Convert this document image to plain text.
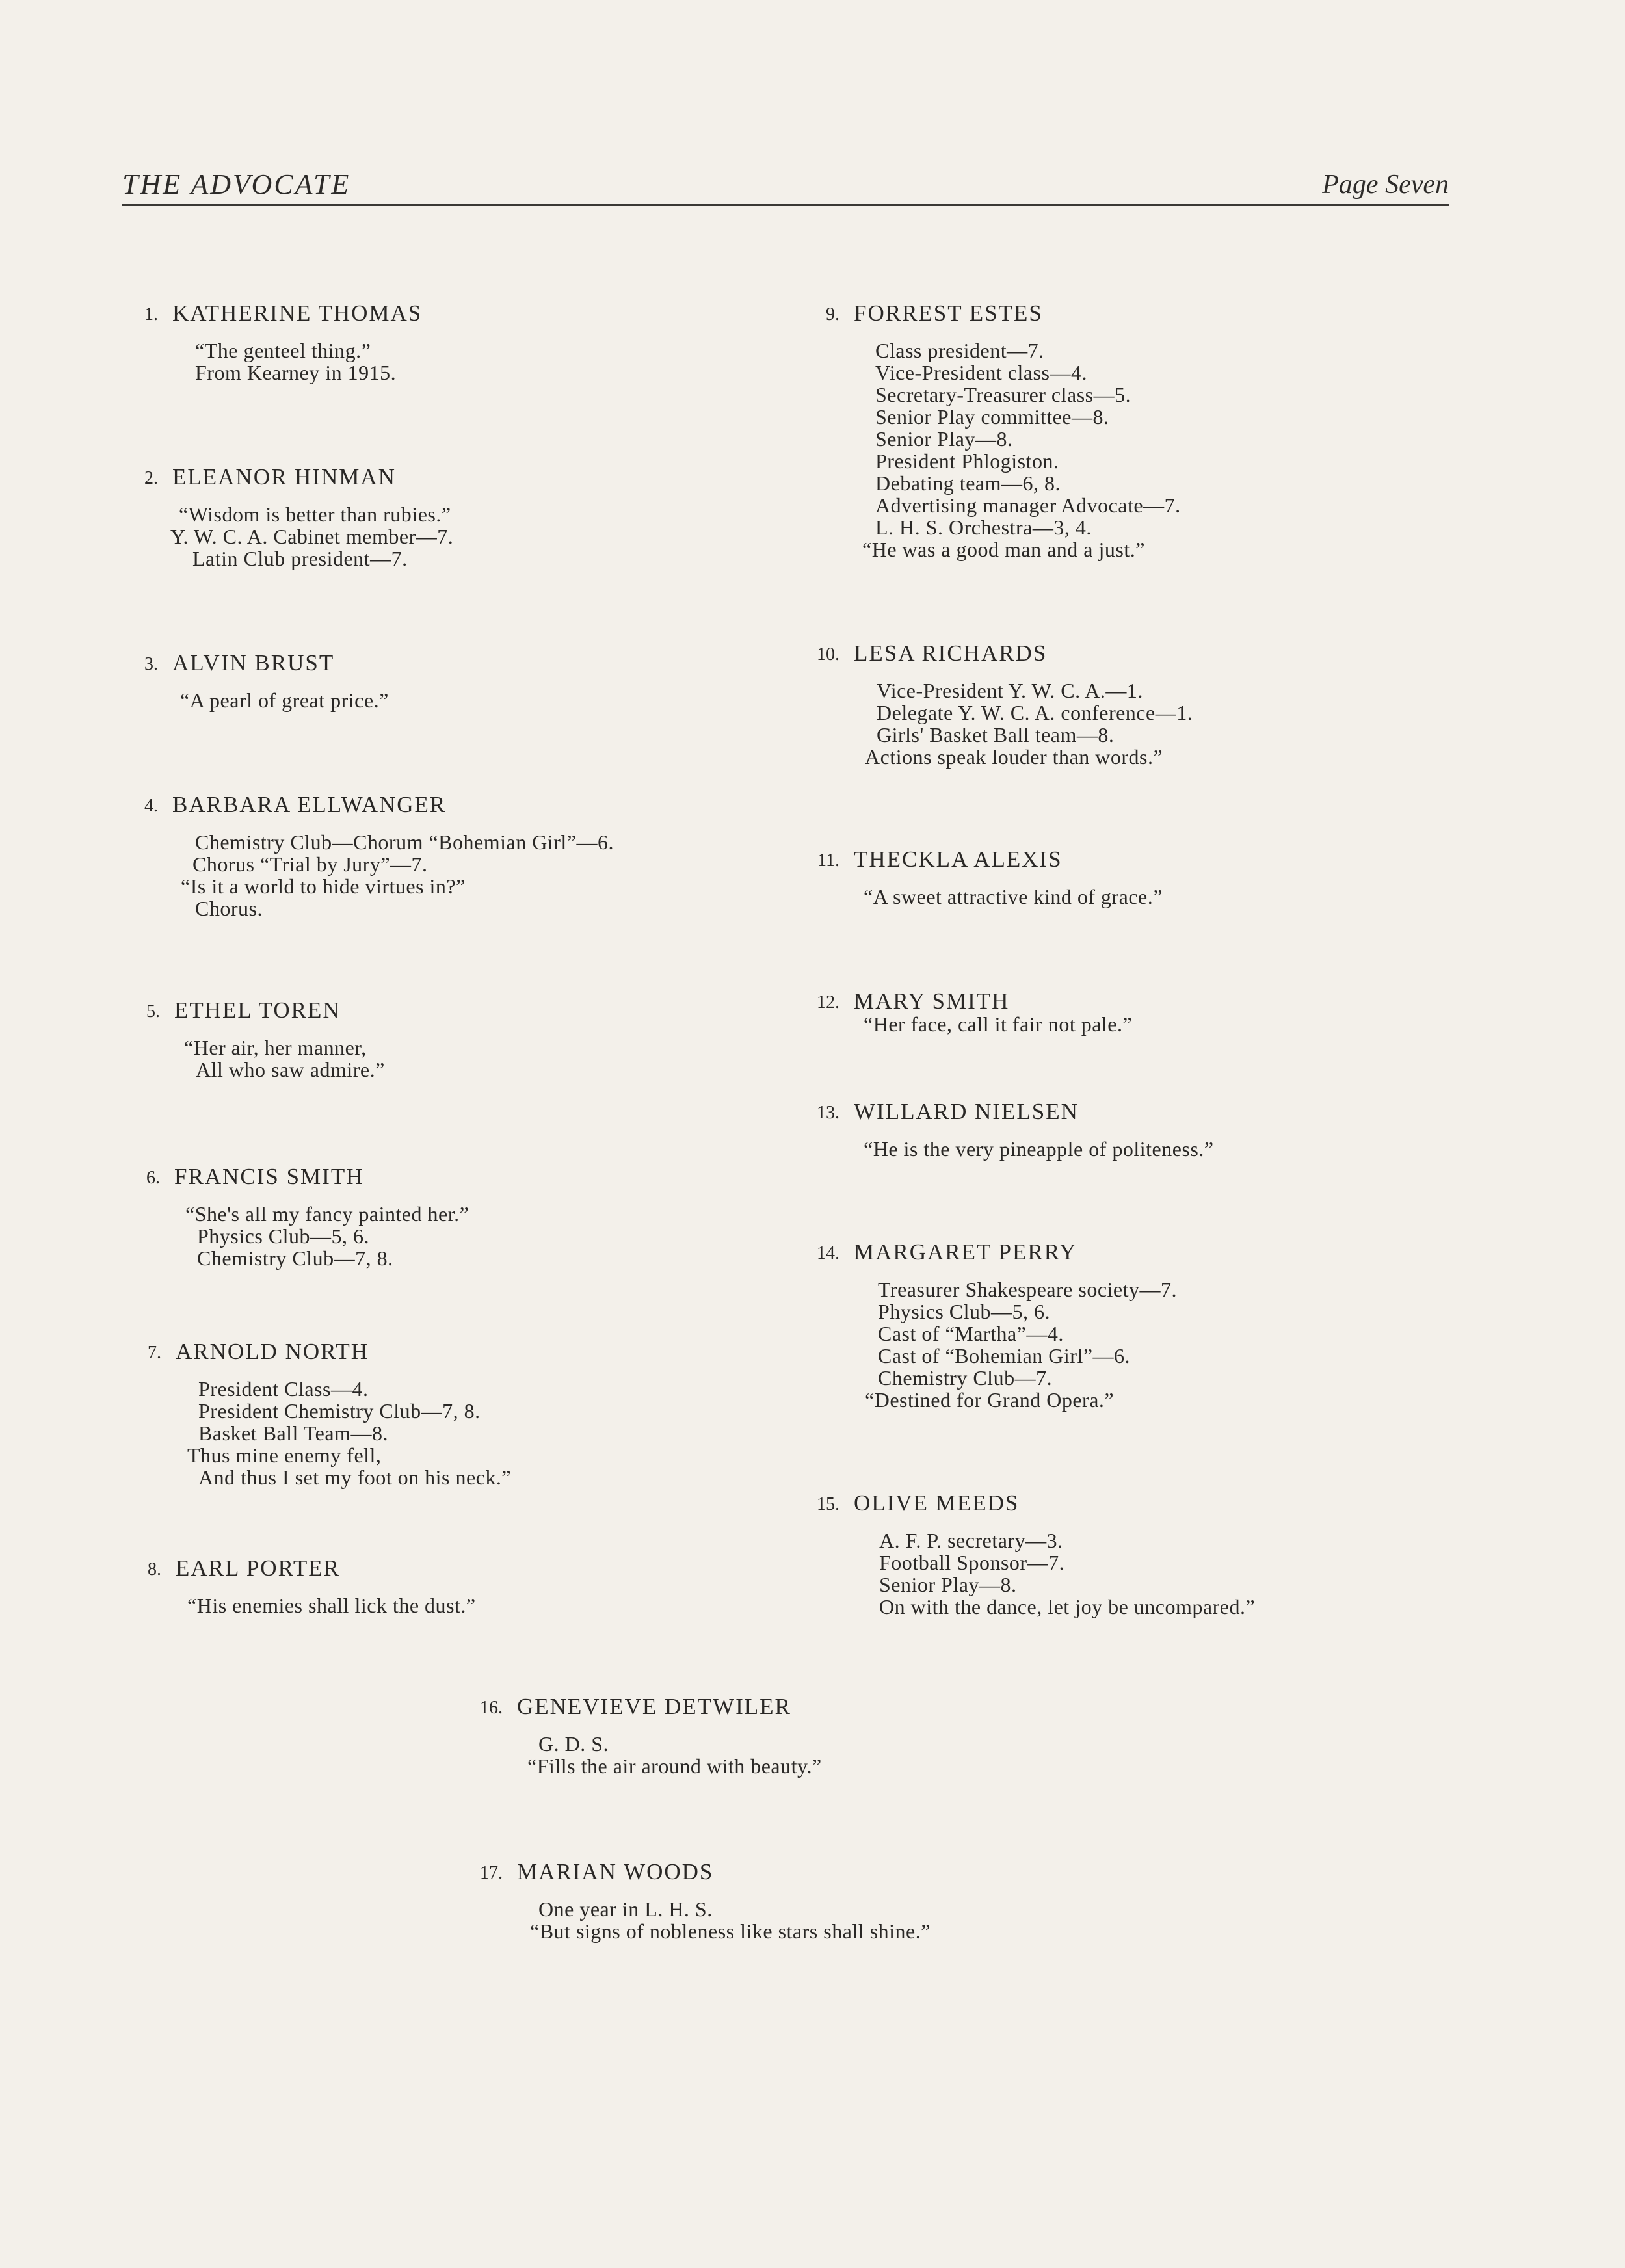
THE ADVOCATE	Page Seven
1. KATHERINE THOMAS
“The genteel thing.”
From Kearney in 1915.
2. ELEANOR HINMAN
“Wisdom is better than rubies.”
Y. W. C. A. Cabinet member—7.
Latin Club president—7.
3. ALVIN BRUST
“A pearl of great price.”
4. BARBARA ELLWANGER
Chemistry Club—Chorum “Bohemian Girl”—6.
Chorus “Trial by Jury”—7.
“Is it a world to hide virtues in?”
Chorus.
5. ETHEL TOREN
“Her air, her manner,
All who saw admire.”
6. FRANCIS SMITH
“She's all my fancy painted her.”
Physics Club—5, 6.
Chemistry Club—7, 8.
7. ARNOLD NORTH
President Class—4.
President Chemistry Club—7, 8.
Basket Ball Team—8.
Thus mine enemy fell,
And thus I set my foot on his neck.”
8. EARL PORTER
“His enemies shall lick the dust.”
9. FORREST ESTES
Class president—7.
Vice-President class—4.
Secretary-Treasurer class—5.
Senior Play committee—8.
Senior Play—8.
President Phlogiston.
Debating team—6, 8.
Advertising manager Advocate—7.
L. H. S. Orchestra—3, 4.
“He was a good man and a just.”
10. LESA RICHARDS
Vice-President Y. W. C. A.—1.
Delegate Y. W. C. A. conference—1.
Girls' Basket Ball team—8.
Actions speak louder than words.”
11. THECKLA ALEXIS
“A sweet attractive kind of grace.”
12. MARY SMITH
“Her face, call it fair not pale.”
13. WILLARD NIELSEN
“He is the very pineapple of politeness.”
14. MARGARET PERRY
Treasurer Shakespeare society—7.
Physics Club—5, 6.
Cast of “Martha”—4.
Cast of “Bohemian Girl”—6.
Chemistry Club—7.
“Destined for Grand Opera.”
15. OLIVE MEEDS
A. F. P. secretary—3.
Football Sponsor—7.
Senior Play—8.
On with the dance, let joy be uncompared.”
16. GENEVIEVE DETWILER
G. D. S.
“Fills the air around with beauty.”
17. MARIAN WOODS
One year in L. H. S.
“But signs of nobleness like stars shall shine.”
